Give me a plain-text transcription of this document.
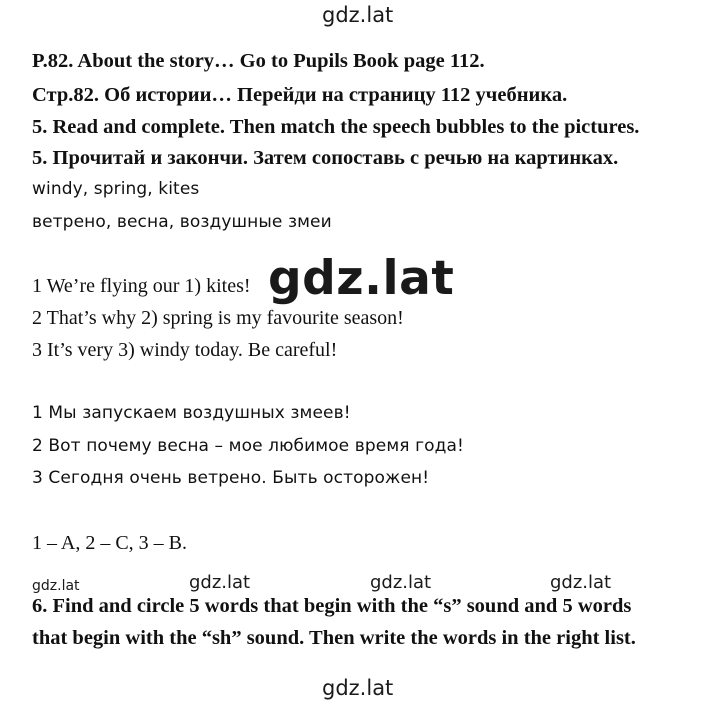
gdz.lat
P.82. About the story… Go to Pupils Book page 112.
Стр.82. Об истории… Перейди на страницу 112 учебника.
5. Read and complete. Then match the speech bubbles to the pictures.
5. Прочитай и закончи. Затем сопоставь с речью на картинках.
windy, spring, kites
ветрено, весна, воздушные змеи
1 We’re flying our 1) kites!
2 That’s why 2) spring is my favourite season!
3 It’s very 3) windy today. Be careful!
gdz.lat
1 Мы запускаем воздушных змеев!
2 Вот почему весна – мое любимое время года!
3 Сегодня очень ветрено. Быть осторожен!
1 – A, 2 – C, 3 – B.
gdz.lat	gdz.lat	gdz.lat	gdz.lat
6. Find and circle 5 words that begin with the “s” sound and 5 words
that begin with the “sh” sound. Then write the words in the right list.
gdz.lat
